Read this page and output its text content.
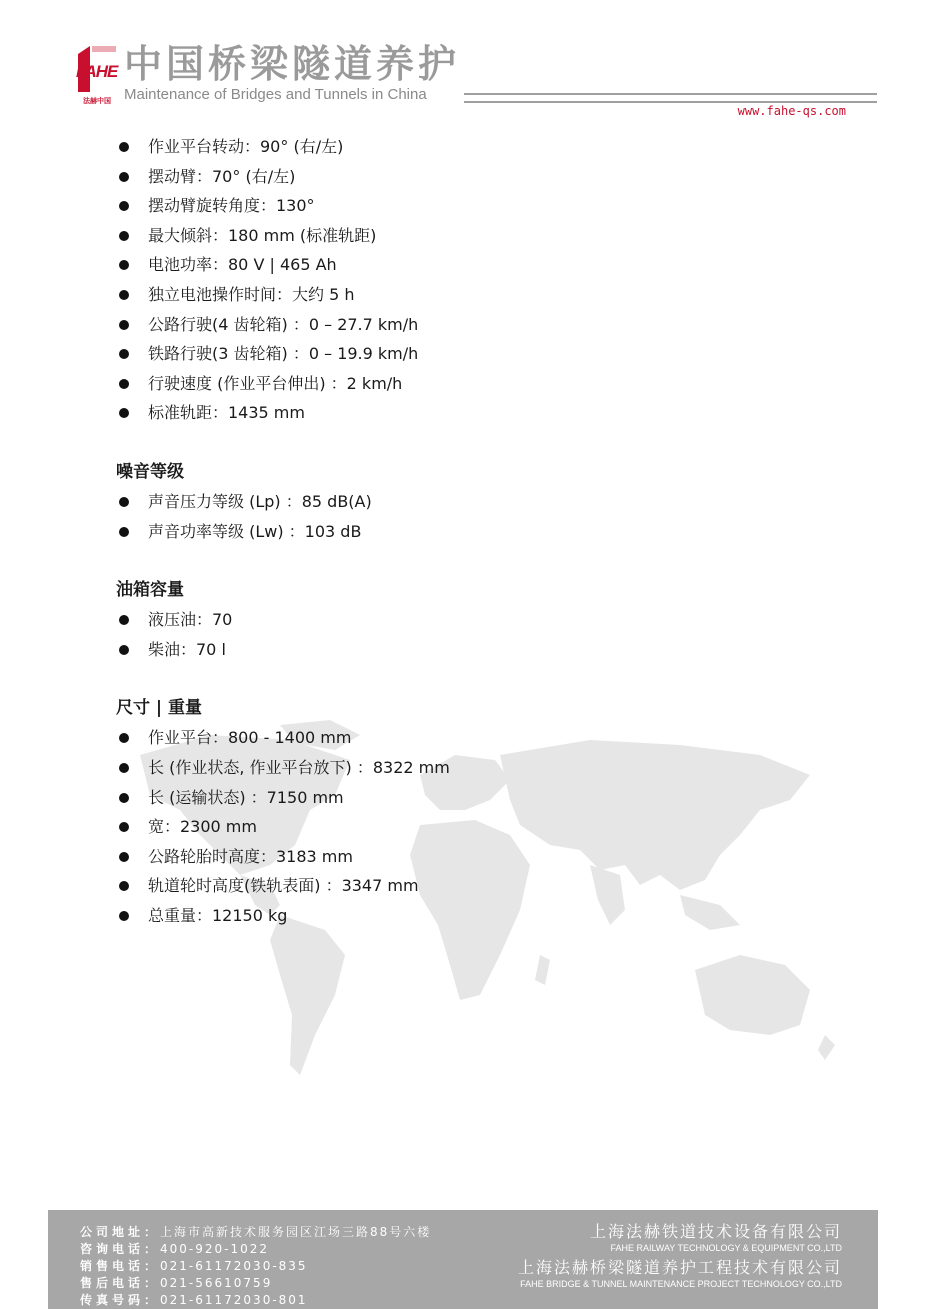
FAHE
法赫中国
中国桥梁隧道养护
Maintenance of Bridges and Tunnels in China
www.fahe-qs.com
作业平台转动：90° (右/左)
摆动臂：70° (右/左)
摆动臂旋转角度：130°
最大倾斜：180 mm (标准轨距)
电池功率：80 V | 465 Ah
独立电池操作时间：大约 5 h
公路行驶(4 齿轮箱) ：0 – 27.7 km/h
铁路行驶(3 齿轮箱) ：0 – 19.9 km/h
行驶速度 (作业平台伸出) ：2 km/h
标准轨距：1435 mm
噪音等级
声音压力等级 (Lp) ：85 dB(A)
声音功率等级 (Lw) ：103 dB
油箱容量
液压油：70
柴油：70 l
尺寸 | 重量
作业平台：800 - 1400 mm
长 (作业状态, 作业平台放下) ：8322 mm
长 (运输状态) ：7150 mm
宽：2300 mm
公路轮胎时高度：3183 mm
轨道轮时高度(铁轨表面) ：3347 mm
总重量：12150 kg
公司地址：上海市高新技术服务园区江场三路88号六楼
咨询电话：400-920-1022
销售电话：021-61172030-835
售后电话：021-56610759
传真号码：021-61172030-801
上海法赫铁道技术设备有限公司
FAHE RAILWAY TECHNOLOGY & EQUIPMENT CO.,LTD
上海法赫桥梁隧道养护工程技术有限公司
FAHE BRIDGE & TUNNEL MAINTENANCE PROJECT TECHNOLOGY CO.,LTD
